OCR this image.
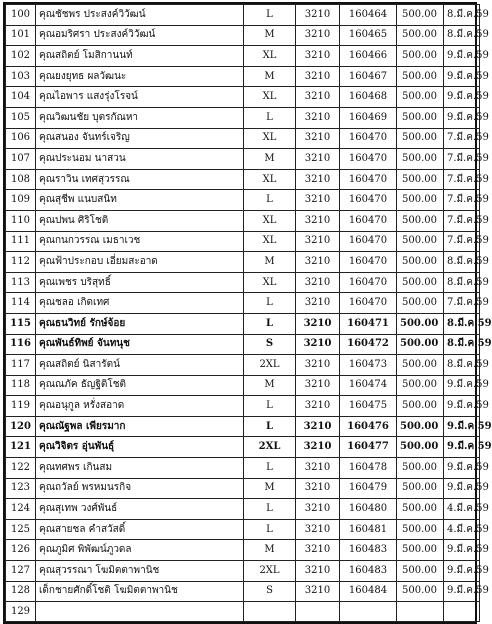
100	คุณชัชพร ประสงค์วิวัฒน์	L	3210	160464	500.00	8.มี.ค.59
101	คุณอมริศรา ประสงค์วิวัฒน์	M	3210	160465	500.00	8.มี.ค.59
102	คุณสถิตย์ โมสิกานนท์	XL	3210	160466	500.00	9.มี.ค.59
103	คุณยงยุทธ ผลวัฒนะ	M	3210	160467	500.00	9.มี.ค.59
104	คุณไอพาร แสงรุ่งโรจน์	XL	3210	160468	500.00	9.มี.ค.59
105	คุณวิฒนชัย บุตรกัณหา	L	3210	160469	500.00	9.มี.ค.59
106	คุณสนอง จันทร์เจริญ	XL	3210	160470	500.00	7.มี.ค.59
107	คุณประนอม นาสวน	M	3210	160470	500.00	7.มี.ค.59
108	คุณราวิน เทศสุวรรณ	XL	3210	160470	500.00	7.มี.ค.59
109	คุณสุชีพ แนบสนิท	L	3210	160470	500.00	7.มี.ค.59
110	คุณปพน ศิริโชติ	XL	3210	160470	500.00	7.มี.ค.59
111	คุณกนกวรรณ เมธาเวช	XL	3210	160470	500.00	7.มี.ค.59
112	คุณฟ้าประกอบ เอี่ยมสะอาด	M	3210	160470	500.00	8.มี.ค.59
113	คุณเพชร บริสุทธิ์	XL	3210	160470	500.00	8.มี.ค.59
114	คุณชลอ เกิดเทศ	L	3210	160470	500.00	7.มี.ค.59
115	คุณธนวิทย์ รักษ์จ้อย	L	3210	160471	500.00	8.มี.ค.59
116	คุณพันธ์ทิพย์ จันทนุช	S	3210	160472	500.00	8.มี.ค.59
117	คุณสถิตย์ นิสารัตน์	2XL	3210	160473	500.00	8.มี.ค.59
118	คุณณภัค ธัญฐิติโชติ	M	3210	160474	500.00	9.มี.ค.59
119	คุณอนุกูล หรั่งสอาด	L	3210	160475	500.00	9.มี.ค.59
120	คุณณัฐพล เพียรมาก	L	3210	160476	500.00	9.มี.ค.59
121	คุณวิจิตร อุ่นพันธุ์	2XL	3210	160477	500.00	9.มี.ค.59
122	คุณทศพร เกินสม	L	3210	160478	500.00	9.มี.ค.59
123	คุณถวัลย์ พรหมนรกิจ	M	3210	160479	500.00	9.มี.ค.59
124	คุณสุเทพ วงศ์พันธ์	L	3210	160480	500.00	4.มี.ค.59
125	คุณสายชล คำสวัสดิ์	L	3210	160481	500.00	4.มี.ค.59
126	คุณภูมิศ พิพัฒน์ภูวดล	M	3210	160483	500.00	9.มี.ค.59
127	คุณสุวรรณา โฆมิตตาพานิช	2XL	3210	160483	500.00	9.มี.ค.59
128	เด็กชายศักดิ์โชติ โฆมิตตาพานิช	S	3210	160484	500.00	9.มี.ค.59
129						
